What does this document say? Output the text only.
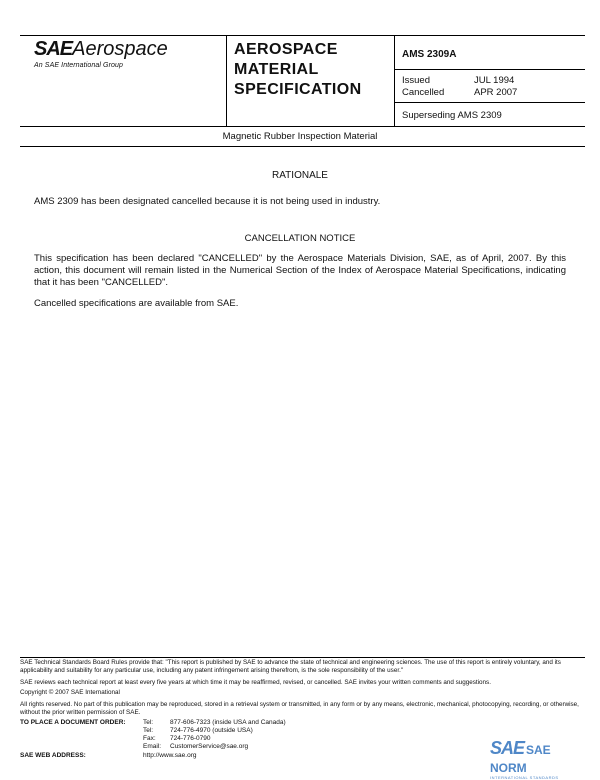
SAEAerospace
An SAE International Group
AEROSPACE
MATERIAL
SPECIFICATION
AMS 2309A
Issued	JUL 1994
Cancelled	APR 2007
Superseding AMS 2309
Magnetic Rubber Inspection Material
RATIONALE
AMS 2309 has been designated cancelled because it is not being used in industry.
CANCELLATION NOTICE
This specification has been declared "CANCELLED" by the Aerospace Materials Division, SAE, as of April, 2007. By this action, this document will remain listed in the Numerical Section of the Index of Aerospace Material Specifications, indicating that it has been "CANCELLED".
Cancelled specifications are available from SAE.
SAE Technical Standards Board Rules provide that: "This report is published by SAE to advance the state of technical and engineering sciences. The use of this report is entirely voluntary, and its applicability and suitability for any particular use, including any patent infringement arising therefrom, is the sole responsibility of the user."
SAE reviews each technical report at least every five years at which time it may be reaffirmed, revised, or cancelled. SAE invites your written comments and suggestions.
Copyright © 2007 SAE International
All rights reserved. No part of this publication may be reproduced, stored in a retrieval system or transmitted, in any form or by any means, electronic, mechanical, photocopying, recording, or otherwise, without the prior written permission of SAE.
TO PLACE A DOCUMENT ORDER:	Tel:	877-606-7323 (inside USA and Canada)
Tel:	724-776-4970 (outside USA)
Fax: 724-776-0790
Email: CustomerService@sae.org
SAE WEB ADDRESS:	http://www.sae.org	SAE SAE NORM
INTERNATIONAL STANDARDS
